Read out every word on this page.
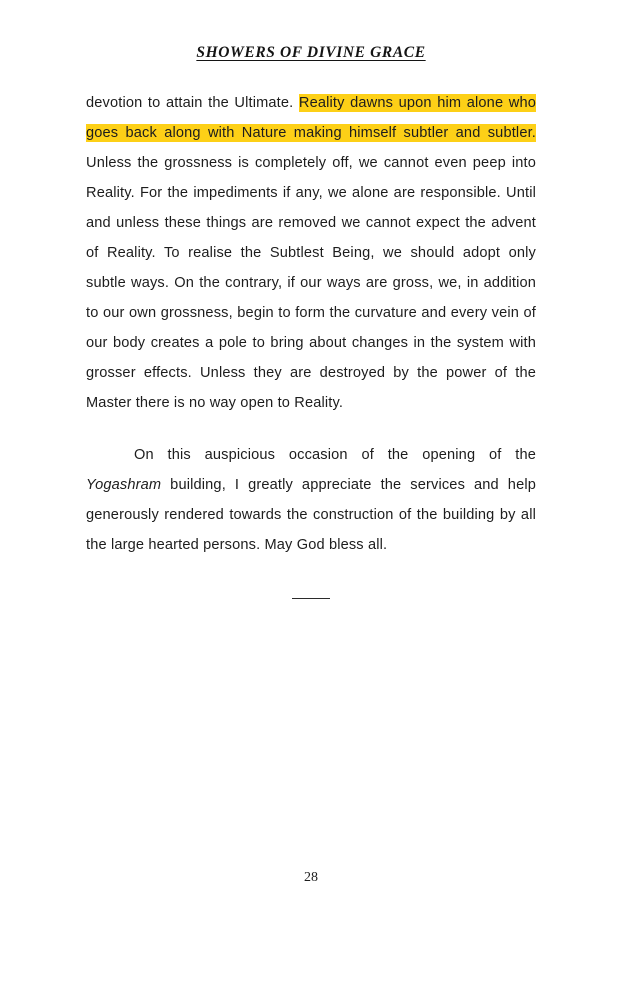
SHOWERS OF DIVINE GRACE

devotion to attain the Ultimate. Reality dawns upon him alone who goes back along with Nature making himself subtler and subtler. Unless the grossness is completely off, we cannot even peep into Reality. For the impediments if any, we alone are responsible. Until and unless these things are removed we cannot expect the advent of Reality. To realise the Subtlest Being, we should adopt only subtle ways. On the contrary, if our ways are gross, we, in addition to our own grossness, begin to form the curvature and every vein of our body creates a pole to bring about changes in the system with grosser effects. Unless they are destroyed by the power of the Master there is no way open to Reality.

On this auspicious occasion of the opening of the Yogashram building, I greatly appreciate the services and help generously rendered towards the construction of the building by all the large hearted persons. May God bless all.

28
